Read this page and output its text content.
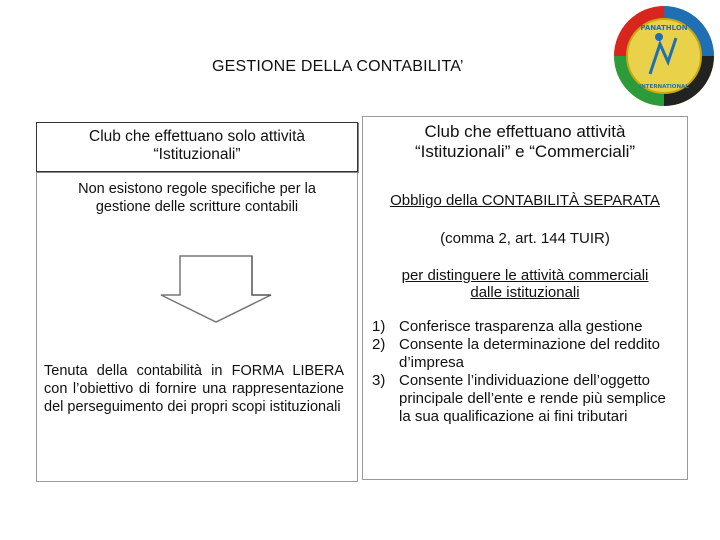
GESTIONE DELLA CONTABILITA’
PANATHLON
INTERNATIONAL
Club che effettuano solo attività
“Istituzionali”
Club che effettuano attività
“Istituzionali” e “Commerciali”
Non esistono regole specifiche per la
gestione delle scritture contabili
Tenuta della contabilità in FORMA LIBERA con l’obiettivo di fornire una rappresentazione del perseguimento dei propri scopi istituzionali
Obbligo della CONTABILITÀ SEPARATA
(comma 2, art. 144 TUIR)
per distinguere le attività commerciali
dalle istituzionali
1) Conferisce trasparenza alla gestione
2) Consente la determinazione del reddito d’impresa
3) Consente l’individuazione dell’oggetto principale dell’ente e rende più semplice la sua qualificazione ai fini tributari
